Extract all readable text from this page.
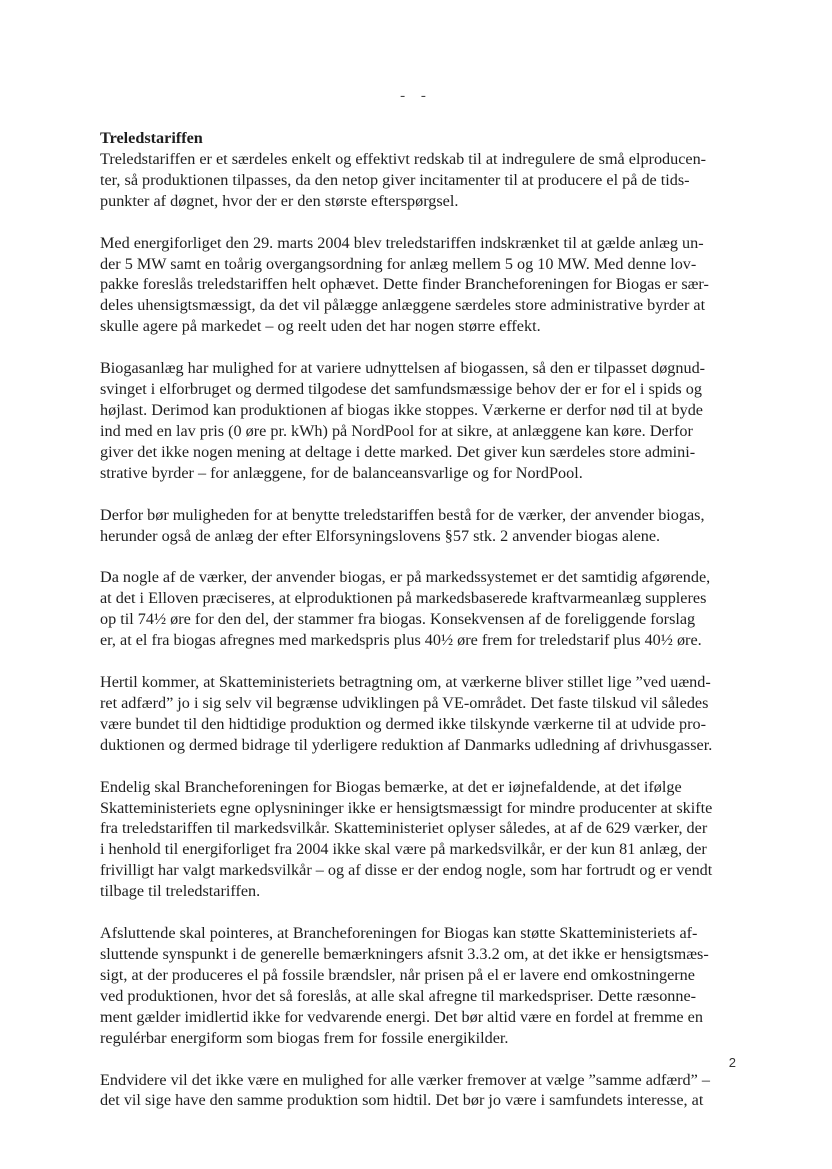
- -

Treledstariffen

Treledstariffen er et særdeles enkelt og effektivt redskab til at indregulere de små elproducen-
ter, så produktionen tilpasses, da den netop giver incitamenter til at producere el på de tids-
punkter af døgnet, hvor der er den største efterspørgsel.

Med energiforliget den 29. marts 2004 blev treledstariffen indskrænket til at gælde anlæg un-
der 5 MW samt en toårig overgangsordning for anlæg mellem 5 og 10 MW. Med denne lov-
pakke foreslås treledstariffen helt ophævet. Dette finder Brancheforeningen for Biogas er sær-
deles uhensigtsmæssigt, da det vil pålægge anlæggene særdeles store administrative byrder at
skulle agere på markedet – og reelt uden det har nogen større effekt.

Biogasanlæg har mulighed for at variere udnyttelsen af biogassen, så den er tilpasset døgnud-
svinget i elforbruget og dermed tilgodese det samfundsmæssige behov der er for el i spids og
højlast. Derimod kan produktionen af biogas ikke stoppes. Værkerne er derfor nød til at byde
ind med en lav pris (0 øre pr. kWh) på NordPool for at sikre, at anlæggene kan køre. Derfor
giver det ikke nogen mening at deltage i dette marked. Det giver kun særdeles store admini-
strative byrder – for anlæggene, for de balanceansvarlige og for NordPool.

Derfor bør muligheden for at benytte treledstariffen bestå for de værker, der anvender biogas,
herunder også de anlæg der efter Elforsyningslovens §57 stk. 2 anvender biogas alene.

Da nogle af de værker, der anvender biogas, er på markedssystemet er det samtidig afgørende,
at det i Elloven præciseres, at elproduktionen på markedsbaserede kraftvarmeanlæg suppleres
op til 74½ øre for den del, der stammer fra biogas. Konsekvensen af de foreliggende forslag
er, at el fra biogas afregnes med markedspris plus 40½ øre frem for treledstarif plus 40½ øre.

Hertil kommer, at Skatteministeriets betragtning om, at værkerne bliver stillet lige ”ved uænd-
ret adfærd” jo i sig selv vil begrænse udviklingen på VE-området. Det faste tilskud vil således
være bundet til den hidtidige produktion og dermed ikke tilskynde værkerne til at udvide pro-
duktionen og dermed bidrage til yderligere reduktion af Danmarks udledning af drivhusgasser.

Endelig skal Brancheforeningen for Biogas bemærke, at det er iøjnefaldende, at det ifølge
Skatteministeriets egne oplysnininger ikke er hensigtsmæssigt for mindre producenter at skifte
fra treledstariffen til markedsvilkår. Skatteministeriet oplyser således, at af de 629 værker, der
i henhold til energiforliget fra 2004 ikke skal være på markedsvilkår, er der kun 81 anlæg, der
frivilligt har valgt markedsvilkår – og af disse er der endog nogle, som har fortrudt og er vendt
tilbage til treledstariffen.

Afsluttende skal pointeres, at Brancheforeningen for Biogas kan støtte Skatteministeriets af-
sluttende synspunkt i de generelle bemærkningers afsnit 3.3.2 om, at det ikke er hensigtsmæs-
sigt, at der produceres el på fossile brændsler, når prisen på el er lavere end omkostningerne
ved produktionen, hvor det så foreslås, at alle skal afregne til markedspriser. Dette ræsonne-
ment gælder imidlertid ikke for vedvarende energi. Det bør altid være en fordel at fremme en
regulérbar energiform som biogas frem for fossile energikilder.

Endvidere vil det ikke være en mulighed for alle værker fremover at vælge ”samme adfærd” –
det vil sige have den samme produktion som hidtil. Det bør jo være i samfundets interesse, at

2
